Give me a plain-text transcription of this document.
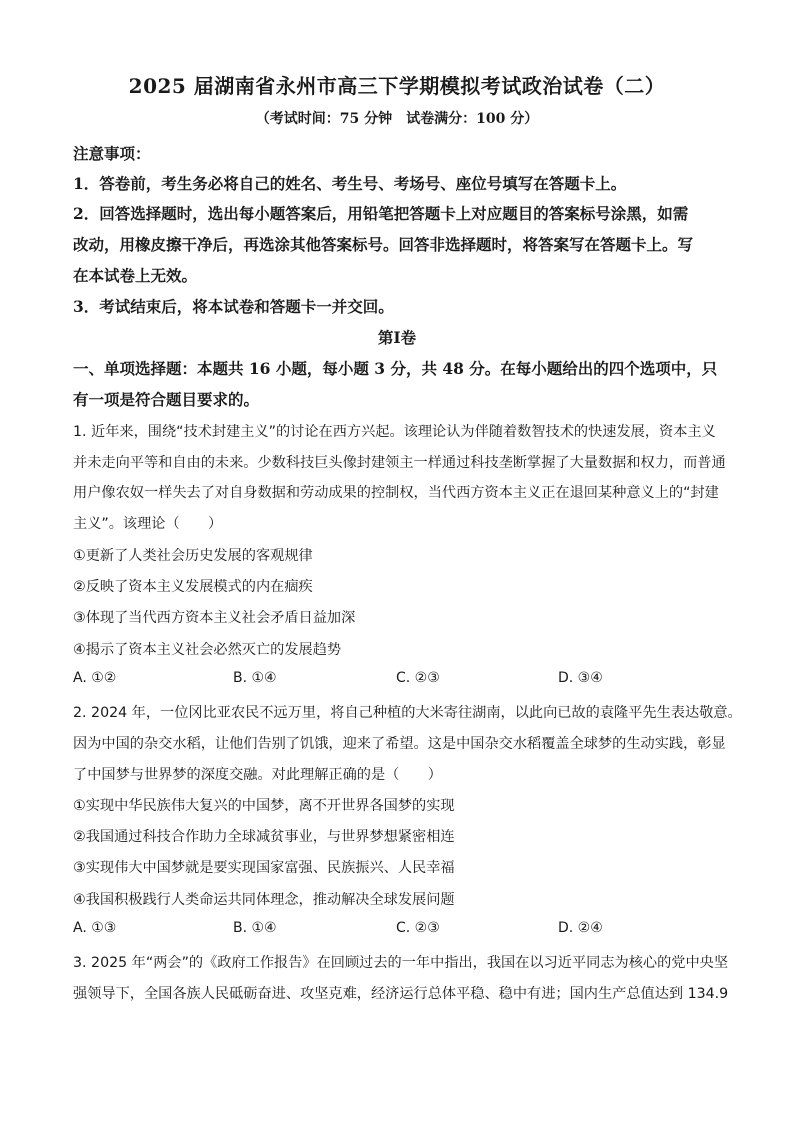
2025 届湖南省永州市高三下学期模拟考试政治试卷（二）
（考试时间：75 分钟　试卷满分：100 分）
注意事项：
1．答卷前，考生务必将自己的姓名、考生号、考场号、座位号填写在答题卡上。
2．回答选择题时，选出每小题答案后，用铅笔把答题卡上对应题目的答案标号涂黑，如需
改动，用橡皮擦干净后，再选涂其他答案标号。回答非选择题时，将答案写在答题卡上。写
在本试卷上无效。
3．考试结束后，将本试卷和答题卡一并交回。
第Ⅰ卷
一、单项选择题：本题共 16 小题，每小题 3 分，共 48 分。在每小题给出的四个选项中，只
有一项是符合题目要求的。
1. 近年来，围绕“技术封建主义”的讨论在西方兴起。该理论认为伴随着数智技术的快速发展，资本主义
并未走向平等和自由的未来。少数科技巨头像封建领主一样通过科技垄断掌握了大量数据和权力，而普通
用户像农奴一样失去了对自身数据和劳动成果的控制权，当代西方资本主义正在退回某种意义上的“封建
主义”。该理论（　　）
①更新了人类社会历史发展的客观规律
②反映了资本主义发展模式的内在痼疾
③体现了当代西方资本主义社会矛盾日益加深
④揭示了资本主义社会必然灭亡的发展趋势
A. ①②	B. ①④	C. ②③	D. ③④
2. 2024 年，一位冈比亚农民不远万里，将自己种植的大米寄往湖南，以此向已故的袁隆平先生表达敬意。
因为中国的杂交水稻，让他们告别了饥饿，迎来了希望。这是中国杂交水稻覆盖全球梦的生动实践，彰显
了中国梦与世界梦的深度交融。对此理解正确的是（　　）
①实现中华民族伟大复兴的中国梦，离不开世界各国梦的实现
②我国通过科技合作助力全球减贫事业，与世界梦想紧密相连
③实现伟大中国梦就是要实现国家富强、民族振兴、人民幸福
④我国积极践行人类命运共同体理念，推动解决全球发展问题
A. ①③	B. ①④	C. ②③	D. ②④
3. 2025 年“两会”的《政府工作报告》在回顾过去的一年中指出，我国在以习近平同志为核心的党中央坚
强领导下，全国各族人民砥砺奋进、攻坚克难，经济运行总体平稳、稳中有进；国内生产总值达到 134.9
